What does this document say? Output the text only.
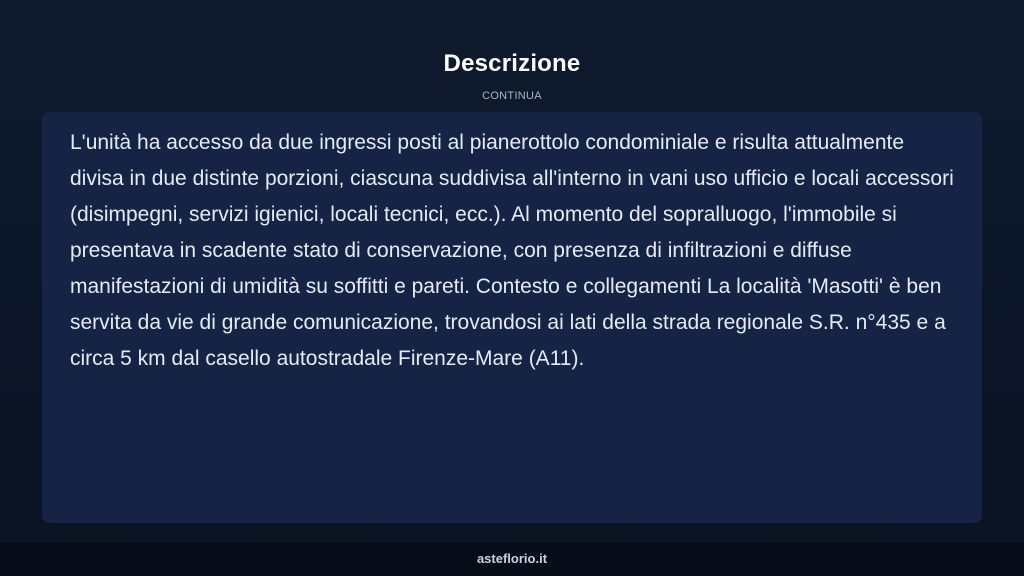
Descrizione
CONTINUA

L'unità ha accesso da due ingressi posti al pianerottolo condominiale e risulta attualmente divisa in due distinte porzioni, ciascuna suddivisa all'interno in vani uso ufficio e locali accessori (disimpegni, servizi igienici, locali tecnici, ecc.). Al momento del sopralluogo, l'immobile si presentava in scadente stato di conservazione, con presenza di infiltrazioni e diffuse manifestazioni di umidità su soffitti e pareti. Contesto e collegamenti La località 'Masotti' è ben servita da vie di grande comunicazione, trovandosi ai lati della strada regionale S.R. n°435 e a circa 5 km dal casello autostradale Firenze-Mare (A11).

asteflorio.it
